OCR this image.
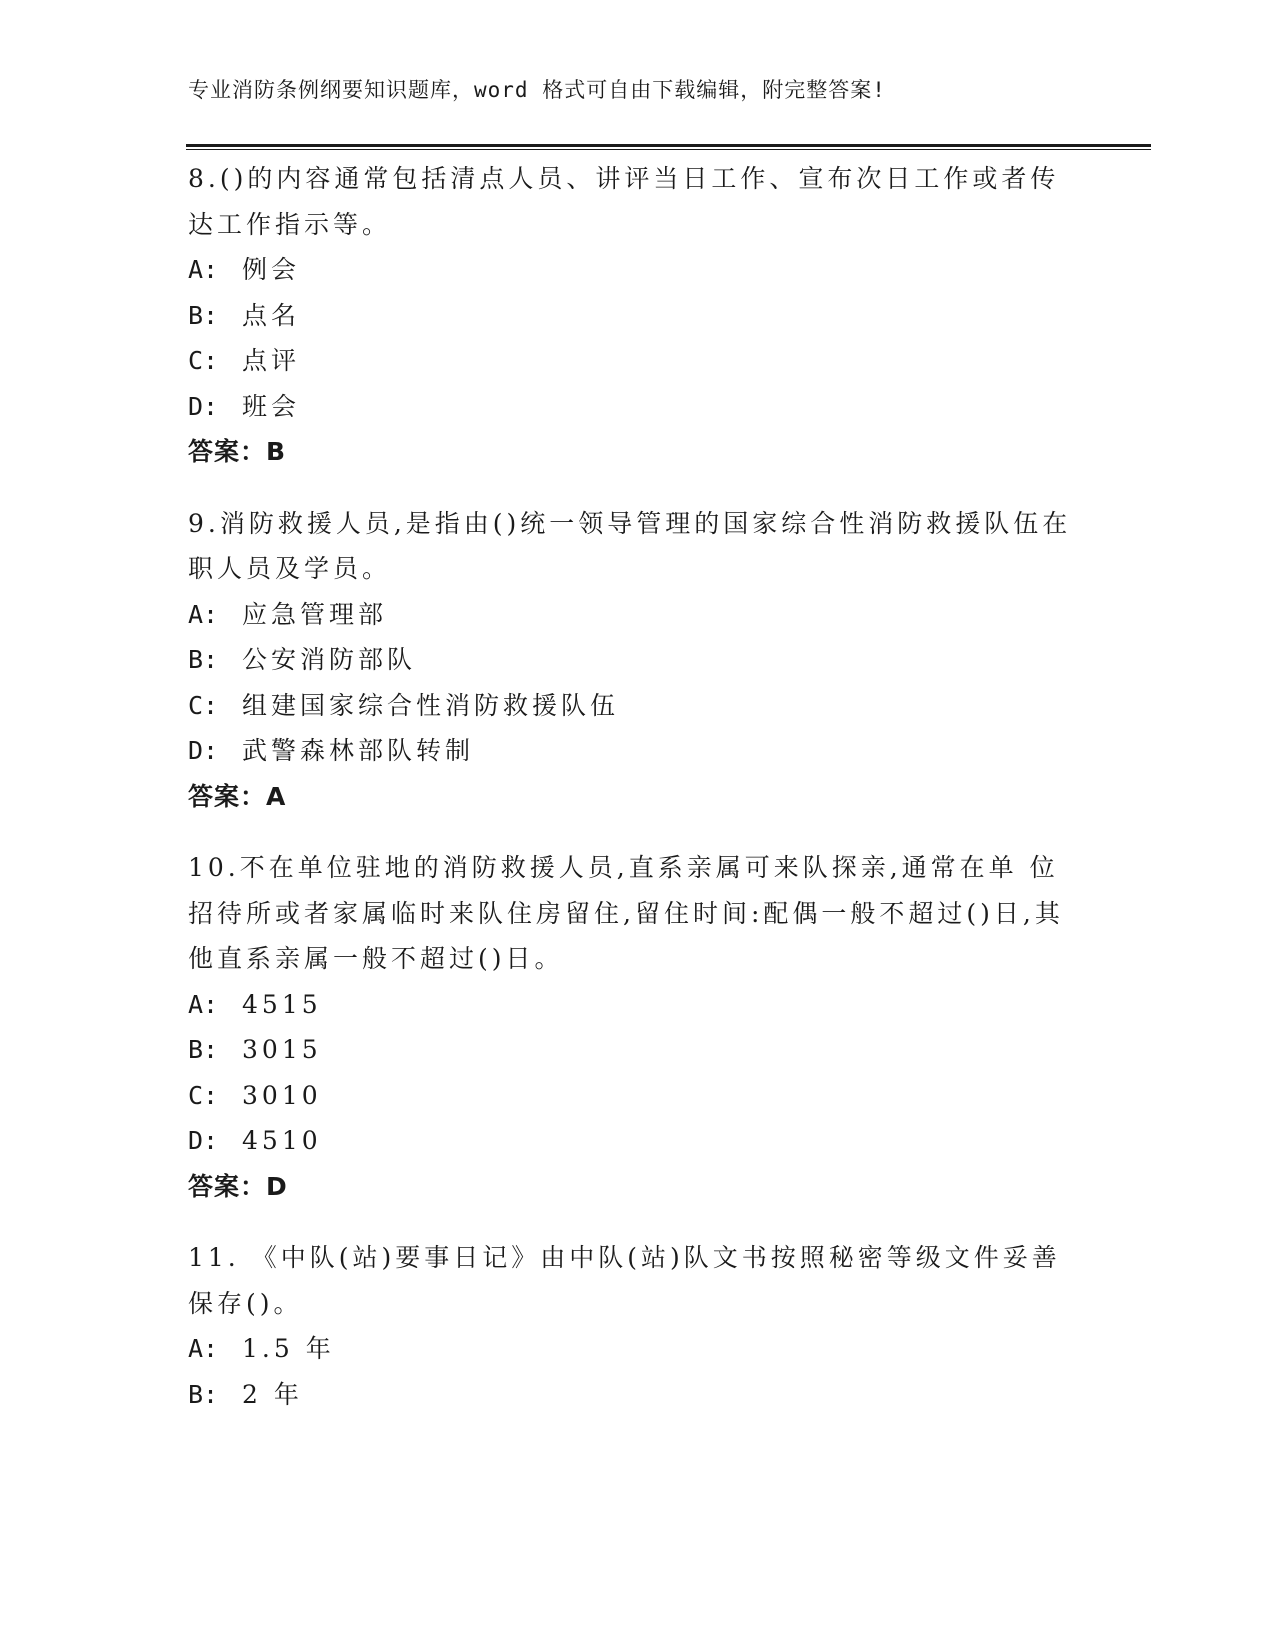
专业消防条例纲要知识题库，word 格式可自由下载编辑，附完整答案!
8.()的内容通常包括清点人员、讲评当日工作、宣布次日工作或者传
达工作指示等。
A: 例会
B: 点名
C: 点评
D: 班会
答案：B
9.消防救援人员,是指由()统一领导管理的国家综合性消防救援队伍在
职人员及学员。
A: 应急管理部
B: 公安消防部队
C: 组建国家综合性消防救援队伍
D: 武警森林部队转制
答案：A
10.不在单位驻地的消防救援人员,直系亲属可来队探亲,通常在单 位
招待所或者家属临时来队住房留住,留住时间:配偶一般不超过()日,其
他直系亲属一般不超过()日。
A: 4515
B: 3015
C: 3010
D: 4510
答案：D
11. 《中队(站)要事日记》由中队(站)队文书按照秘密等级文件妥善
保存()。
A: 1.5 年
B: 2 年
